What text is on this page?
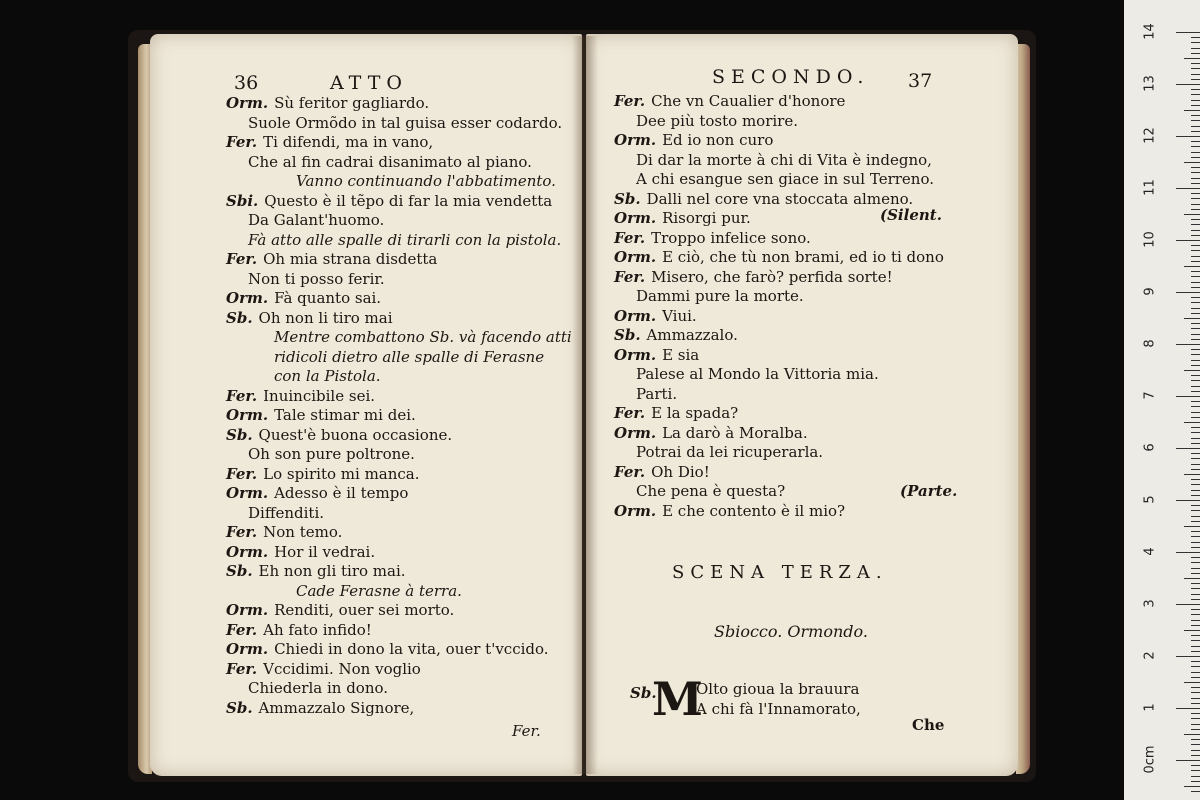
36	ATTO
Orm. Sù feritor gagliardo.
Suole Ormõdo in tal guisa esser codardo.
Fer. Ti difendi, ma in vano,
Che al fin cadrai disanimato al piano.
Vanno continuando l'abbatimento.
Sbi. Questo è il tẽpo di far la mia vendetta
Da Galant'huomo.
Fà atto alle spalle di tirarli con la pistola.
Fer. Oh mia strana disdetta
Non ti posso ferir.
Orm. Fà quanto sai.
Sb. Oh non li tiro mai
Mentre combattono Sb. và facendo atti
ridicoli dietro alle spalle di Ferasпe
con la Pistola.
Fer. Inuincibile sei.
Orm. Tale stimar mi dei.
Sb. Quest'è buona occasione.
Oh son pure poltrone.
Fer. Lo spirito mi manca.
Orm. Adesso è il tempo
Diffenditi.
Fer. Non temo.
Orm. Hor il vedrai.
Sb. Eh non gli tiro mai.
Cade Ferasпe à terra.
Orm. Renditi, ouer sei morto.
Fer. Ah fato infido!
Orm. Chiedi in dono la vita, ouer t'vccido.
Fer. Vccidimi. Non voglio
Chiederla in dono.
Sb. Ammazzalo Signore,
Fer.
SECONDO. 37
Fer. Che vn Caualier d'honore
Dee più tosto morire.
Orm. Ed io non curo
Di dar la morte à chi di Vita è indegno,
A chi esangue sen giace in sul Terreno.
Sb. Dalli nel core vna stoccata almeno.
Orm. Risorgi pur.
Fer. Troppo infelice sono.
Orm. E ciò, che tù non brami, ed io ti dono
Fer. Misero, che farò? perfida sorte!
Dammi pure la morte.
Orm. Viui.
Sb. Ammazzalo.
Orm. E sia
Palese al Mondo la Vittoria mia.
Parti.
Fer. E la spada?
Orm. La darò à Moralba.
Potrai da lei ricuperarla.
Fer. Oh Dio!
Che pena è questa?
Orm. E che contento è il mio?
(Silent.
(Parte.
SCENA TERZA.
Sbiocco. Ormondo.
Sb.
M
Olto gioua la brauura
A chi fà l'Innamorato,
Che
14
13
12
11
10
9
8
7
6
5
4
3
2
1
0cm
